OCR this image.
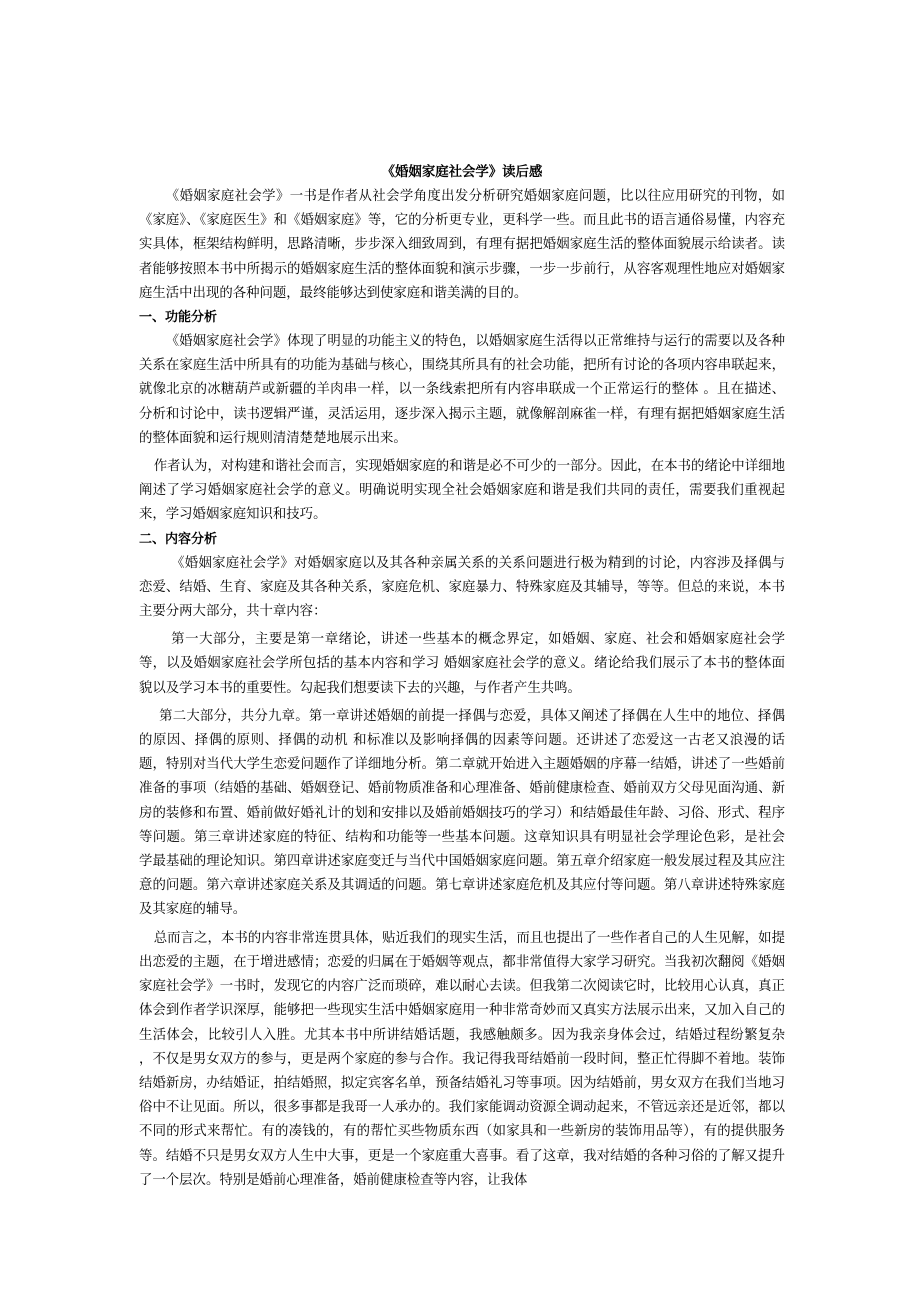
《婚姻家庭社会学》读后感

《婚姻家庭社会学》一书是作者从社会学角度出发分析研究婚姻家庭问题，比以往应用研究的刊物，如《家庭》、《家庭医生》和《婚姻家庭》等，它的分析更专业，更科学一些。而且此书的语言通俗易懂，内容充实具体，框架结构鲜明，思路清晰，步步深入细致周到，有理有据把婚姻家庭生活的整体面貌展示给读者。读者能够按照本书中所揭示的婚姻家庭生活的整体面貌和演示步骤，一步一步前行，从容客观理性地应对婚姻家庭生活中出现的各种问题，最终能够达到使家庭和谐美满的目的。

一、功能分析

《婚姻家庭社会学》体现了明显的功能主义的特色，以婚姻家庭生活得以正常维持与运行的需要以及各种关系在家庭生活中所具有的功能为基础与核心，围绕其所具有的社会功能，把所有讨论的各项内容串联起来，就像北京的冰糖葫芦或新疆的羊肉串一样，以一条线索把所有内容串联成一个正常运行的整体 。且在描述、分析和讨论中，读书逻辑严谨，灵活运用，逐步深入揭示主题，就像解剖麻雀一样，有理有据把婚姻家庭生活的整体面貌和运行规则清清楚楚地展示出来。

作者认为，对构建和谐社会而言，实现婚姻家庭的和谐是必不可少的一部分。因此，在本书的绪论中详细地阐述了学习婚姻家庭社会学的意义。明确说明实现全社会婚姻家庭和谐是我们共同的责任，需要我们重视起来，学习婚姻家庭知识和技巧。

二、内容分析

《婚姻家庭社会学》对婚姻家庭以及其各种亲属关系的关系问题进行极为精到的讨论，内容涉及择偶与恋爱、结婚、生育、家庭及其各种关系，家庭危机、家庭暴力、特殊家庭及其辅导，等等。但总的来说，本书主要分两大部分，共十章内容：

第一大部分，主要是第一章绪论，讲述一些基本的概念界定，如婚姻、家庭、社会和婚姻家庭社会学等，以及婚姻家庭社会学所包括的基本内容和学习 婚姻家庭社会学的意义。绪论给我们展示了本书的整体面貌以及学习本书的重要性。勾起我们想要读下去的兴趣，与作者产生共鸣。

第二大部分，共分九章。第一章讲述婚姻的前提一择偶与恋爱，具体又阐述了择偶在人生中的地位、择偶的原因、择偶的原则、择偶的动机 和标准以及影响择偶的因素等问题。还讲述了恋爱这一古老又浪漫的话题，特别对当代大学生恋爱问题作了详细地分析。第二章就开始进入主题婚姻的序幕一结婚，讲述了一些婚前准备的事项（结婚的基础、婚姻登记、婚前物质准备和心理准备、婚前健康检查、婚前双方父母见面沟通、新房的装修和布置、婚前做好婚礼计的划和安排以及婚前婚姻技巧的学习）和结婚最佳年龄、习俗、形式、程序等问题。第三章讲述家庭的特征、结构和功能等一些基本问题。这章知识具有明显社会学理论色彩，是社会 学最基础的理论知识。第四章讲述家庭变迁与当代中国婚姻家庭问题。第五章介绍家庭一般发展过程及其应注意的问题。第六章讲述家庭关系及其调适的问题。第七章讲述家庭危机及其应付等问题。第八章讲述特殊家庭及其家庭的辅导。

总而言之，本书的内容非常连贯具体，贴近我们的现实生活，而且也提出了一些作者自己的人生见解，如提出恋爱的主题，在于增进感情；恋爱的归属在于婚姻等观点，都非常值得大家学习研究。当我初次翻阅《婚姻家庭社会学》一书时，发现它的内容广泛而琐碎，难以耐心去读。但我第二次阅读它时，比较用心认真，真正体会到作者学识深厚，能够把一些现实生活中婚姻家庭用一种非常奇妙而又真实方法展示出来，又加入自己的生活体会，比较引人入胜。尤其本书中所讲结婚话题，我感触颇多。因为我亲身体会过，结婚过程纷繁复杂 ，不仅是男女双方的参与，更是两个家庭的参与合作。我记得我哥结婚前一段时间，整正忙得脚不着地。装饰结婚新房，办结婚证，拍结婚照，拟定宾客名单，预备结婚礼习等事项。因为结婚前，男女双方在我们当地习俗中不让见面。所以，很多事都是我哥一人承办的。我们家能调动资源全调动起来，不管远亲还是近邻，都以不同的形式来帮忙。有的凑钱的，有的帮忙买些物质东西（如家具和一些新房的装饰用品等），有的提供服务等。结婚不只是男女双方人生中大事，更是一个家庭重大喜事。看了这章，我对结婚的各种习俗的了解又提升了一个层次。特别是婚前心理准备，婚前健康检查等内容，让我体
